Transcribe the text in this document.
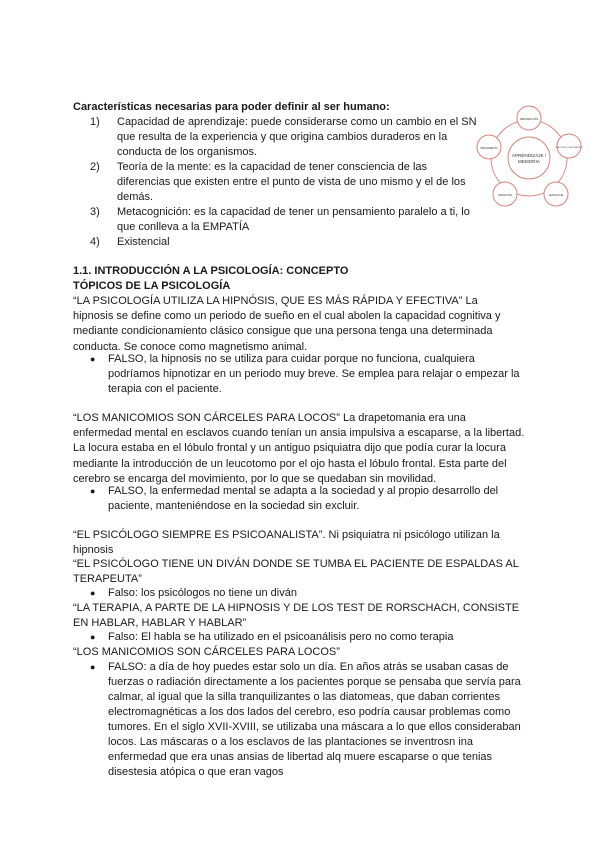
Características necesarias para poder definir al ser humano:
1) Capacidad de aprendizaje: puede considerarse como un cambio en el SN
que resulta de la experiencia y que origina cambios duraderos en la
conducta de los organismos.
2) Teoría de la mente: es la capacidad de tener consciencia de las
diferencias que existen entre el punto de vista de uno mismo y el de los
demás.
3) Metacognición: es la capacidad de tener un pensamiento paralelo a ti, lo
que conlleva a la EMPATÍA
4) Existencial
APRENDIZAJE /
MEMORIA
PERCEPCIÓN
EMOCIÓN Y MOTIVACIÓN
LENGUAJE
ATENCIÓN
PENSAMIENTO
1.1. INTRODUCCIÓN A LA PSICOLOGÍA: CONCEPTO
TÓPICOS DE LA PSICOLOGÍA
“LA PSICOLOGÍA UTILIZA LA HIPNÓSIS, QUE ES MÁS RÁPIDA Y EFECTIVA” La
hipnosis se define como un periodo de sueño en el cual abolen la capacidad cognitiva y
mediante condicionamiento clásico consigue que una persona tenga una determinada
conducta. Se conoce como magnetismo animal.
● FALSO, la hipnosis no se utiliza para cuidar porque no funciona, cualquiera
podríamos hipnotizar en un periodo muy breve. Se emplea para relajar o empezar la
terapia con el paciente.
“LOS MANICOMIOS SON CÁRCELES PARA LOCOS” La drapetomania era una
enfermedad mental en esclavos cuando tenían un ansia impulsiva a escaparse, a la libertad.
La locura estaba en el lóbulo frontal y un antiguo psiquiatra dijo que podía curar la locura
mediante la introducción de un leucotomo por el ojo hasta el lóbulo frontal. Esta parte del
cerebro se encarga del movimiento, por lo que se quedaban sin movilidad.
● FALSO, la enfermedad mental se adapta a la sociedad y al propio desarrollo del
paciente, manteniéndose en la sociedad sin excluir.
“EL PSICÓLOGO SIEMPRE ES PSICOANALISTA”. Ni psiquiatra ni psicólogo utilizan la
hipnosis
“EL PSICÓLOGO TIENE UN DIVÁN DONDE SE TUMBA EL PACIENTE DE ESPALDAS AL
TERAPEUTA”
● Falso: los psicólogos no tiene un diván
“LA TERAPIA, A PARTE DE LA HIPNOSIS Y DE LOS TEST DE RORSCHACH, CONSISTE
EN HABLAR, HABLAR Y HABLAR”
● Falso: El habla se ha utilizado en el psicoanálisis pero no como terapia
“LOS MANICOMIOS SON CÁRCELES PARA LOCOS”
● FALSO: a día de hoy puedes estar solo un día. En años atrás se usaban casas de
fuerzas o radiación directamente a los pacientes porque se pensaba que servía para
calmar, al igual que la silla tranquilizantes o las diatomeas, que daban corrientes
electromagnéticas a los dos lados del cerebro, eso podría causar problemas como
tumores. En el siglo XVII-XVIII, se utilizaba una máscara a lo que ellos consideraban
locos. Las máscaras o a los esclavos de las plantaciones se inventrosn ina
enfermedad que era unas ansias de libertad alq muere escaparse o que tenias
disestesia atópica o que eran vagos
